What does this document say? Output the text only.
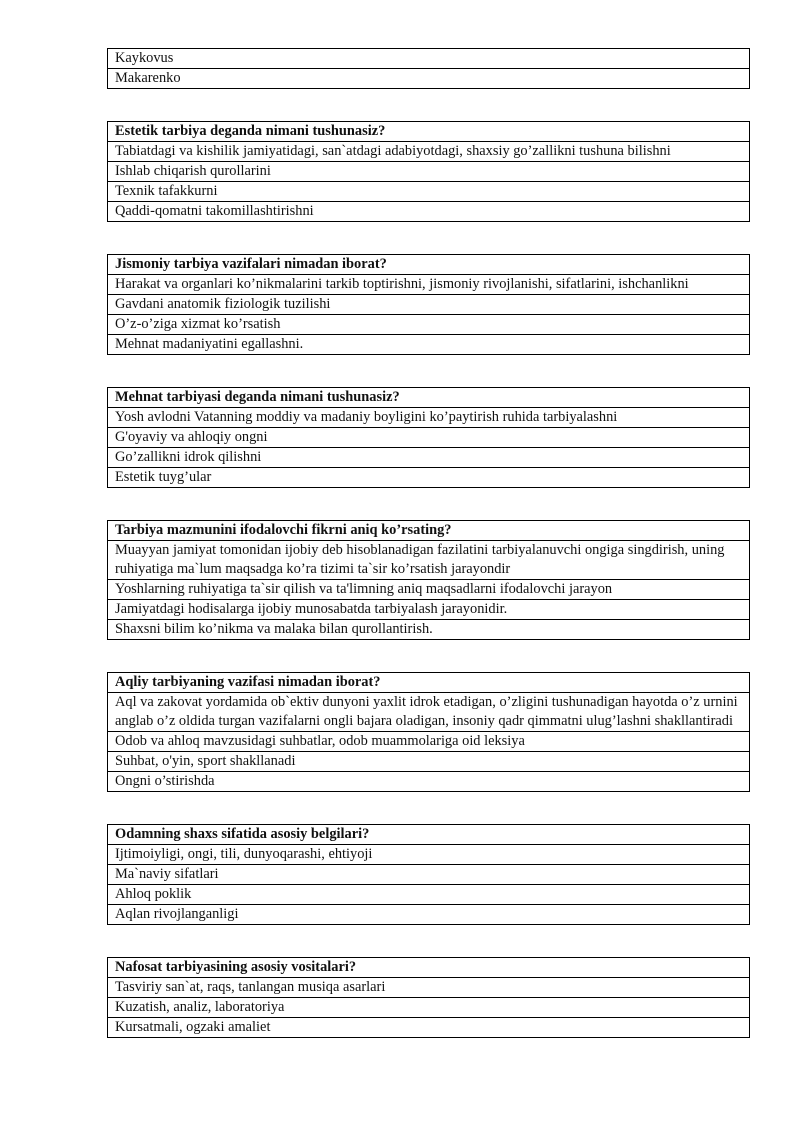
Kaykovus
Makarenko
Estetik tarbiya deganda nimani tushunasiz?
Tabiatdagi va kishilik jamiyatidagi, san`atdagi adabiyotdagi, shaxsiy go’zallikni tushuna bilishni
Ishlab chiqarish qurollarini
Texnik tafakkurni
Qaddi-qomatni takomillashtirishni
Jismoniy tarbiya vazifalari nimadan iborat?
Harakat va organlari ko’nikmalarini tarkib toptirishni, jismoniy rivojlanishi, sifatlarini, ishchanlikni
Gavdani anatomik fiziologik tuzilishi
O’z-o’ziga xizmat ko’rsatish
Mehnat madaniyatini egallashni.
Mehnat tarbiyasi deganda nimani tushunasiz?
Yosh avlodni Vatanning moddiy va madaniy boyligini ko’paytirish ruhida tarbiyalashni
G'oyaviy va ahloqiy ongni
Go’zallikni idrok qilishni
Estetik tuyg’ular
Tarbiya mazmunini ifodalovchi fikrni aniq ko’rsating?
Muayyan jamiyat tomonidan ijobiy deb hisoblanadigan fazilatini tarbiyalanuvchi ongiga singdirish, uning ruhiyatiga ma`lum maqsadga ko’ra tizimi ta`sir ko’rsatish jarayondir
Yoshlarning ruhiyatiga ta`sir qilish va ta'limning aniq maqsadlarni ifodalovchi jarayon
Jamiyatdagi hodisalarga ijobiy munosabatda tarbiyalash jarayonidir.
Shaxsni bilim ko’nikma va malaka bilan qurollantirish.
Aqliy tarbiyaning vazifasi nimadan iborat?
Aql va zakovat yordamida ob`ektiv dunyoni yaxlit idrok etadigan, o’zligini tushunadigan hayotda o’z urnini anglab o’z oldida turgan vazifalarni ongli bajara oladigan, insoniy qadr qimmatni ulug’lashni shakllantiradi
Odob va ahloq mavzusidagi suhbatlar, odob muammolariga oid leksiya
Suhbat, o'yin, sport shakllanadi
Ongni o’stirishda
Odamning shaxs sifatida asosiy belgilari?
Ijtimoiyligi, ongi, tili, dunyoqarashi, ehtiyoji
Ma`naviy sifatlari
Ahloq poklik
Aqlan rivojlanganligi
Nafosat tarbiyasining asosiy vositalari?
Tasviriy san`at, raqs, tanlangan musiqa asarlari
Kuzatish, analiz, laboratoriya
Kursatmali, ogzaki amaliet
